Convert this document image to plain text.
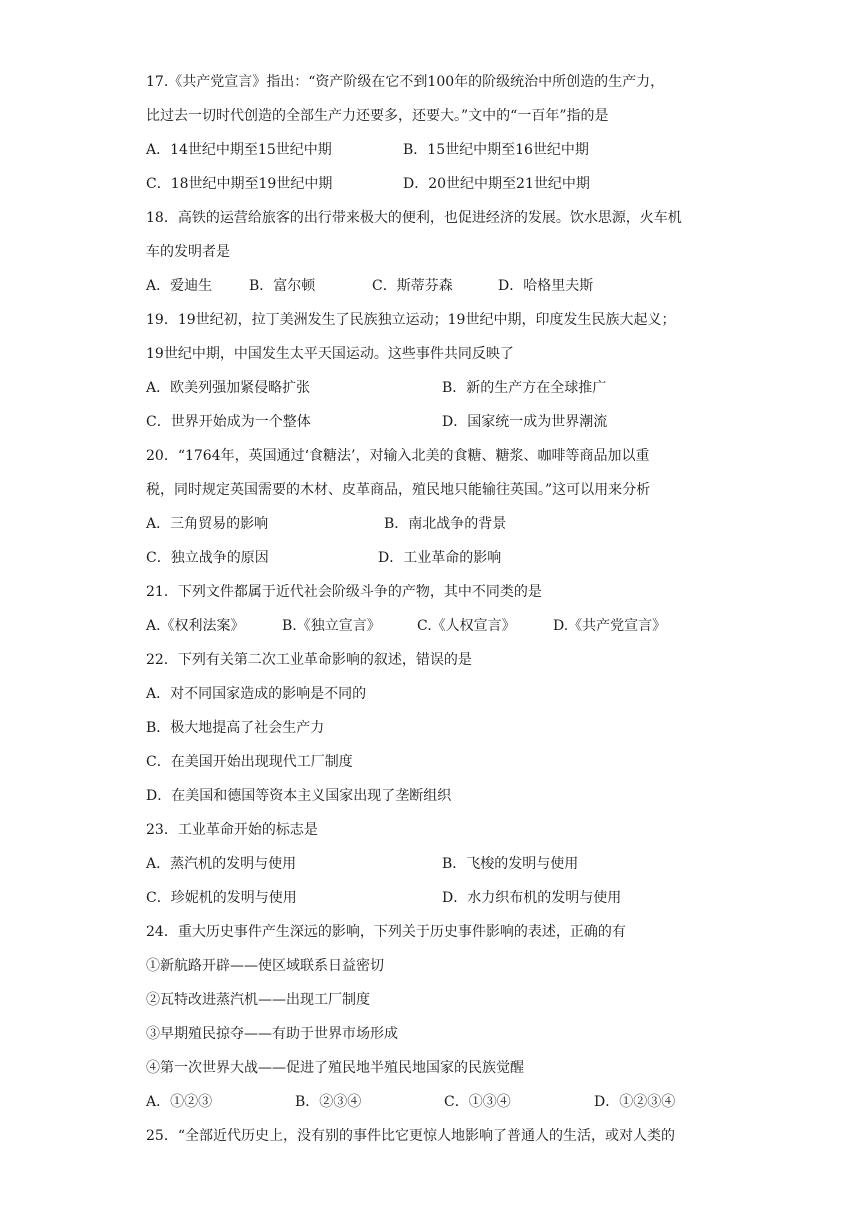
17.《共产党宣言》指出：“资产阶级在它不到100年的阶级统治中所创造的生产力，
比过去一切时代创造的全部生产力还要多，还要大。”文中的“一百年”指的是
A．14世纪中期至15世纪中期	B．15世纪中期至16世纪中期
C．18世纪中期至19世纪中期	D．20世纪中期至21世纪中期
18．高铁的运营给旅客的出行带来极大的便利，也促进经济的发展。饮水思源，火车机
车的发明者是
A．爱迪生	B．富尔顿	C．斯蒂芬森	D．哈格里夫斯
19．19世纪初，拉丁美洲发生了民族独立运动；19世纪中期，印度发生民族大起义；
19世纪中期，中国发生太平天国运动。这些事件共同反映了
A．欧美列强加紧侵略扩张	B．新的生产方在全球推广
C．世界开始成为一个整体	D．国家统一成为世界潮流
20．“1764年，英国通过‘食糖法’，对输入北美的食糖、糖浆、咖啡等商品加以重
税，同时规定英国需要的木材、皮革商品，殖民地只能输往英国。”这可以用来分析
A．三角贸易的影响	B．南北战争的背景
C．独立战争的原因	D．工业革命的影响
21．下列文件都属于近代社会阶级斗争的产物，其中不同类的是
A.《权利法案》	B.《独立宣言》	C.《人权宣言》	D.《共产党宣言》
22．下列有关第二次工业革命影响的叙述，错误的是
A．对不同国家造成的影响是不同的
B．极大地提高了社会生产力
C．在美国开始出现现代工厂制度
D．在美国和德国等资本主义国家出现了垄断组织
23．工业革命开始的标志是
A．蒸汽机的发明与使用	B．飞梭的发明与使用
C．珍妮机的发明与使用	D．水力织布机的发明与使用
24．重大历史事件产生深远的影响，下列关于历史事件影响的表述，正确的有
①新航路开辟——使区域联系日益密切
②瓦特改进蒸汽机——出现工厂制度
③早期殖民掠夺——有助于世界市场形成
④第一次世界大战——促进了殖民地半殖民地国家的民族觉醒
A．①②③	B．②③④	C．①③④	D．①②③④
25．“全部近代历史上，没有别的事件比它更惊人地影响了普通人的生活，或对人类的
